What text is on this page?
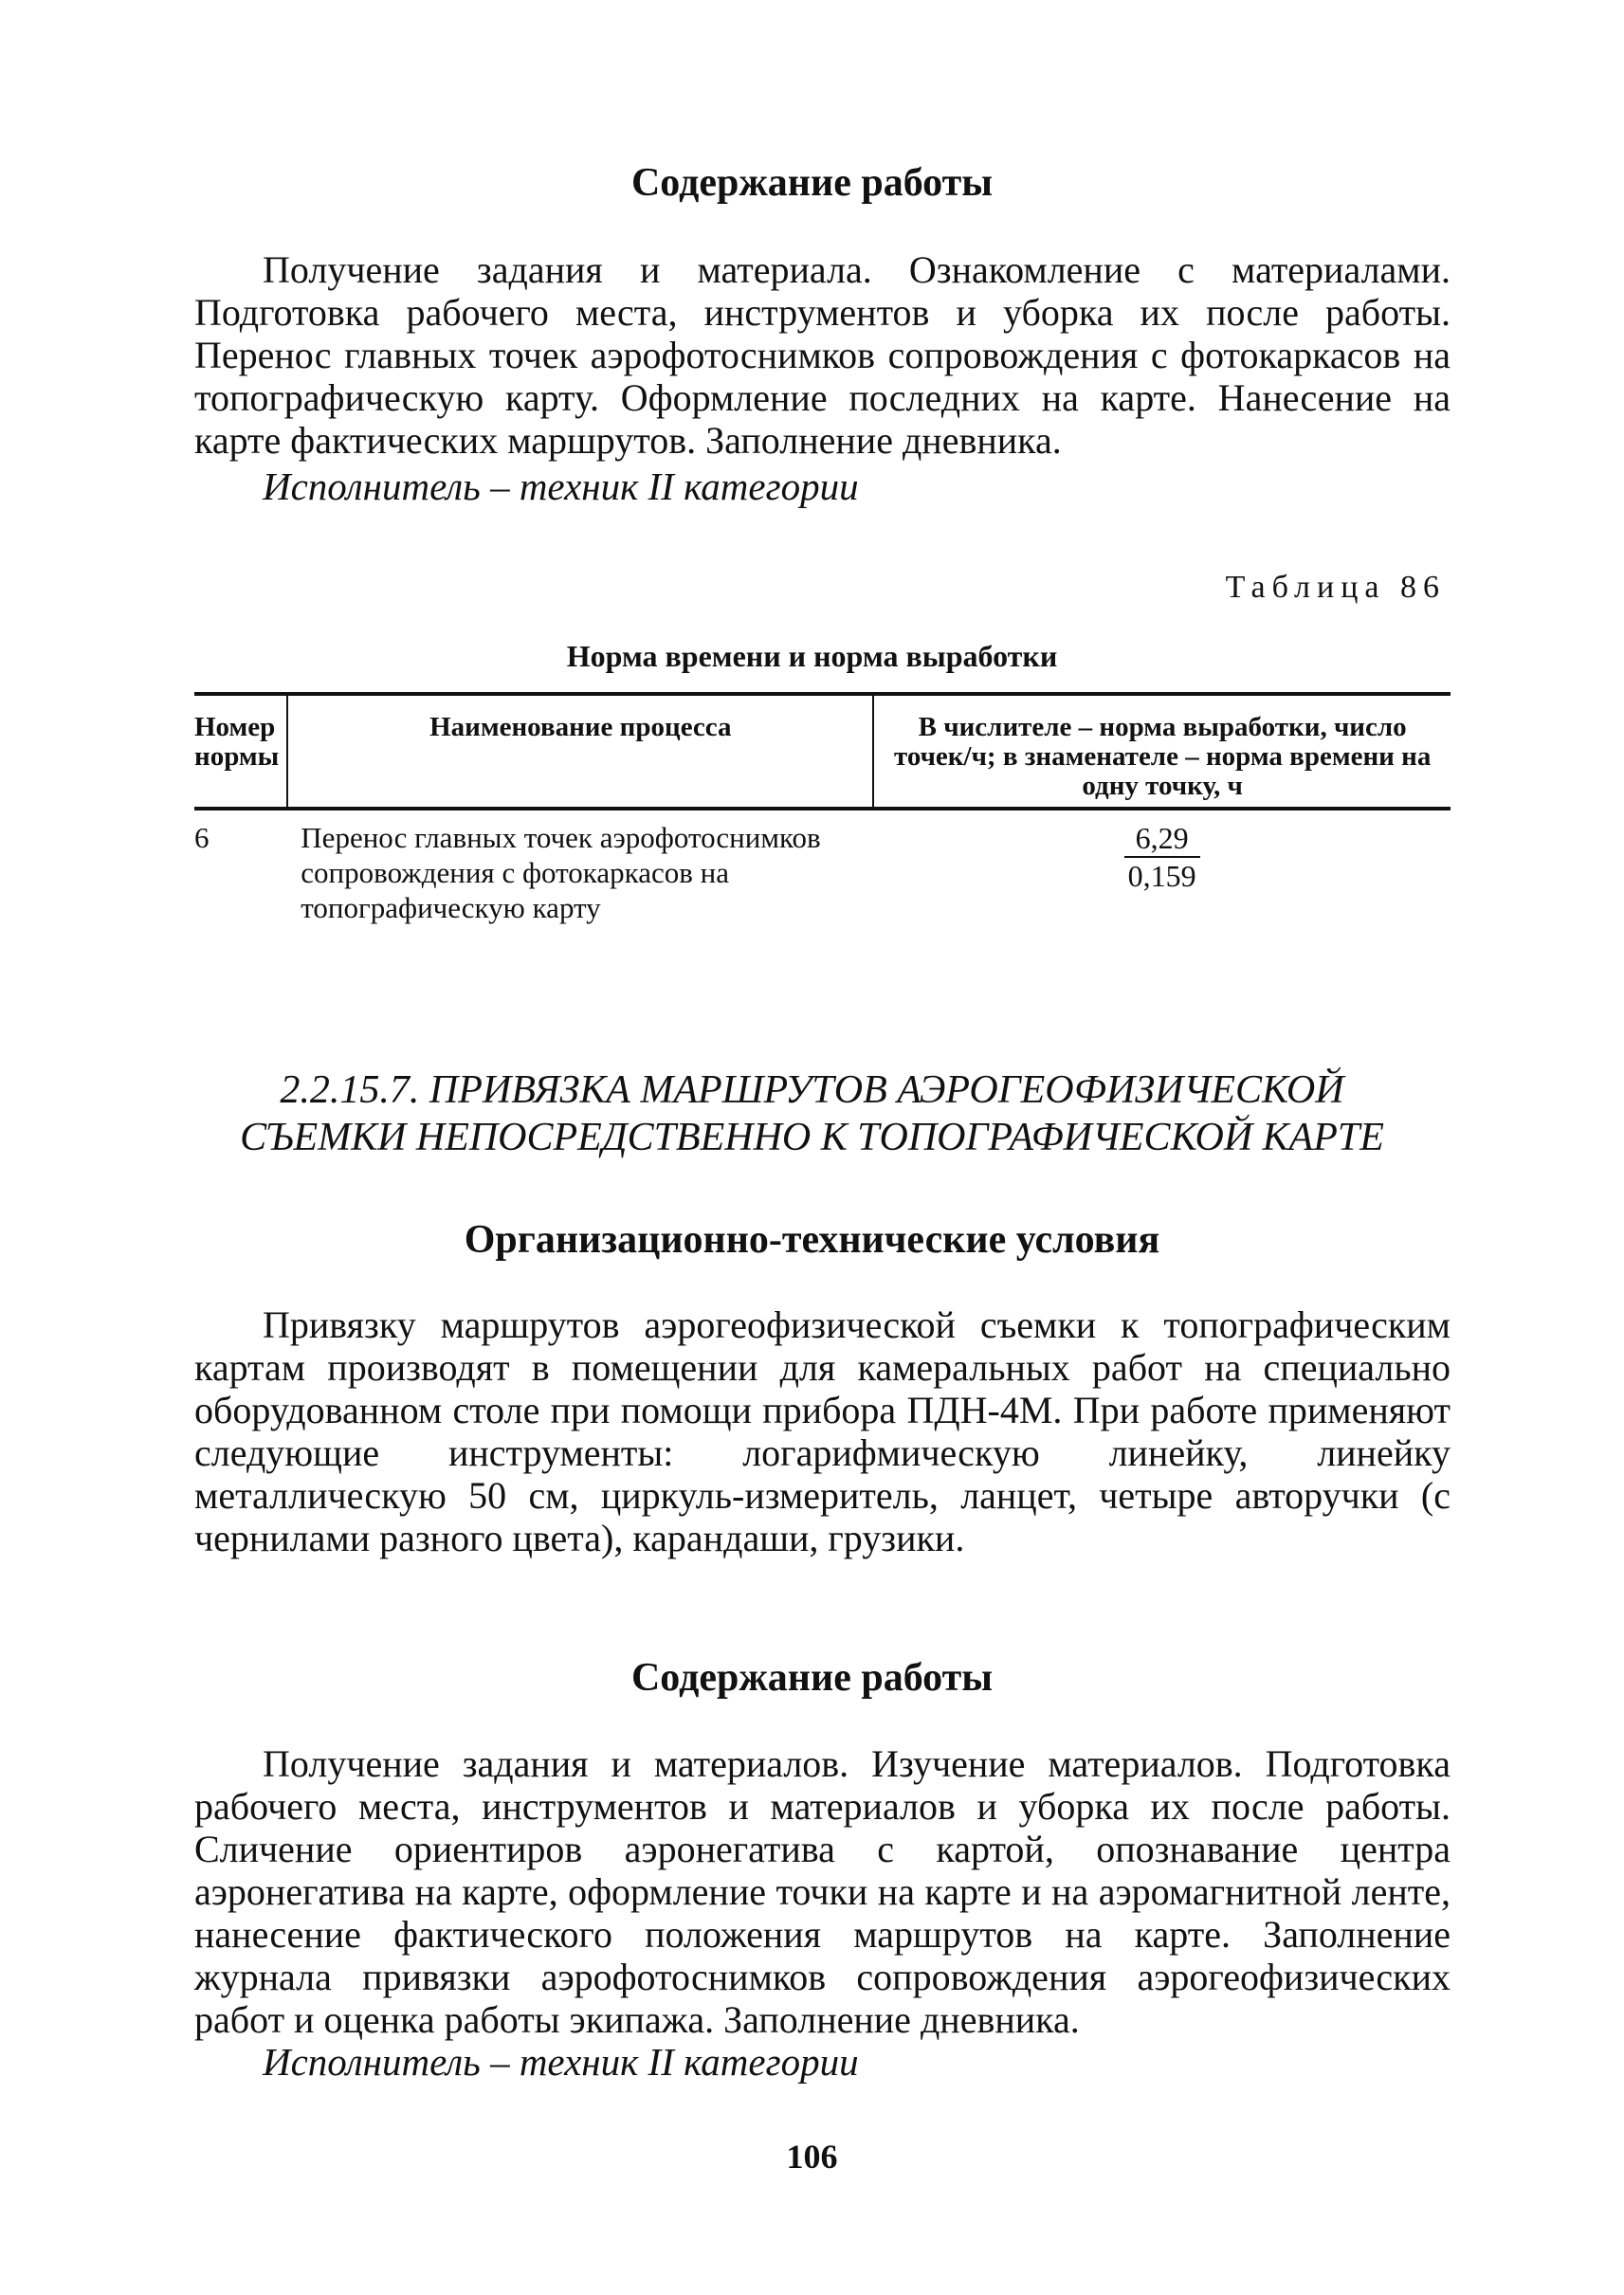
Содержание работы

Получение задания и материала. Ознакомление с материалами. Подготовка рабочего места, инструментов и уборка их после работы. Перенос главных точек аэрофотоснимков сопровождения с фотокаркасов на топографическую карту. Оформление последних на карте. Нанесение на карте фактических маршрутов. Заполнение дневника.

Исполнитель – техник II категории
Таблица 86
Норма времени и норма выработки
Номер нормы	Наименование процесса	В числителе – норма выработки, число точек/ч; в знаменателе – норма времени на одну точку, ч
6	Перенос главных точек аэрофотоснимков сопровождения с фотокаркасов на топографическую карту	$\frac{6,29}{0,159}$
2.2.15.7. ПРИВЯЗКА МАРШРУТОВ АЭРОГЕОФИЗИЧЕСКОЙ
СЪЕМКИ НЕПОСРЕДСТВЕННО К ТОПОГРАФИЧЕСКОЙ КАРТЕ
Организационно-технические условия

Привязку маршрутов аэрогеофизической съемки к топографическим картам производят в помещении для камеральных работ на специально оборудованном столе при помощи прибора ПДН-4М. При работе применяют следующие инструменты: логарифмическую линейку, линейку металлическую 50 см, циркуль-измеритель, ланцет, четыре авторучки (с чернилами разного цвета), карандаши, грузики.

Содержание работы

Получение задания и материалов. Изучение материалов. Подготовка рабочего места, инструментов и материалов и уборка их после работы. Сличение ориентиров аэронегатива с картой, опознавание центра аэронегатива на карте, оформление точки на карте и на аэромагнитной ленте, нанесение фактического положения маршрутов на карте. Заполнение журнала привязки аэрофотоснимков сопровождения аэрогеофизических работ и оценка работы экипажа. Заполнение дневника.

Исполнитель – техник II категории
106
